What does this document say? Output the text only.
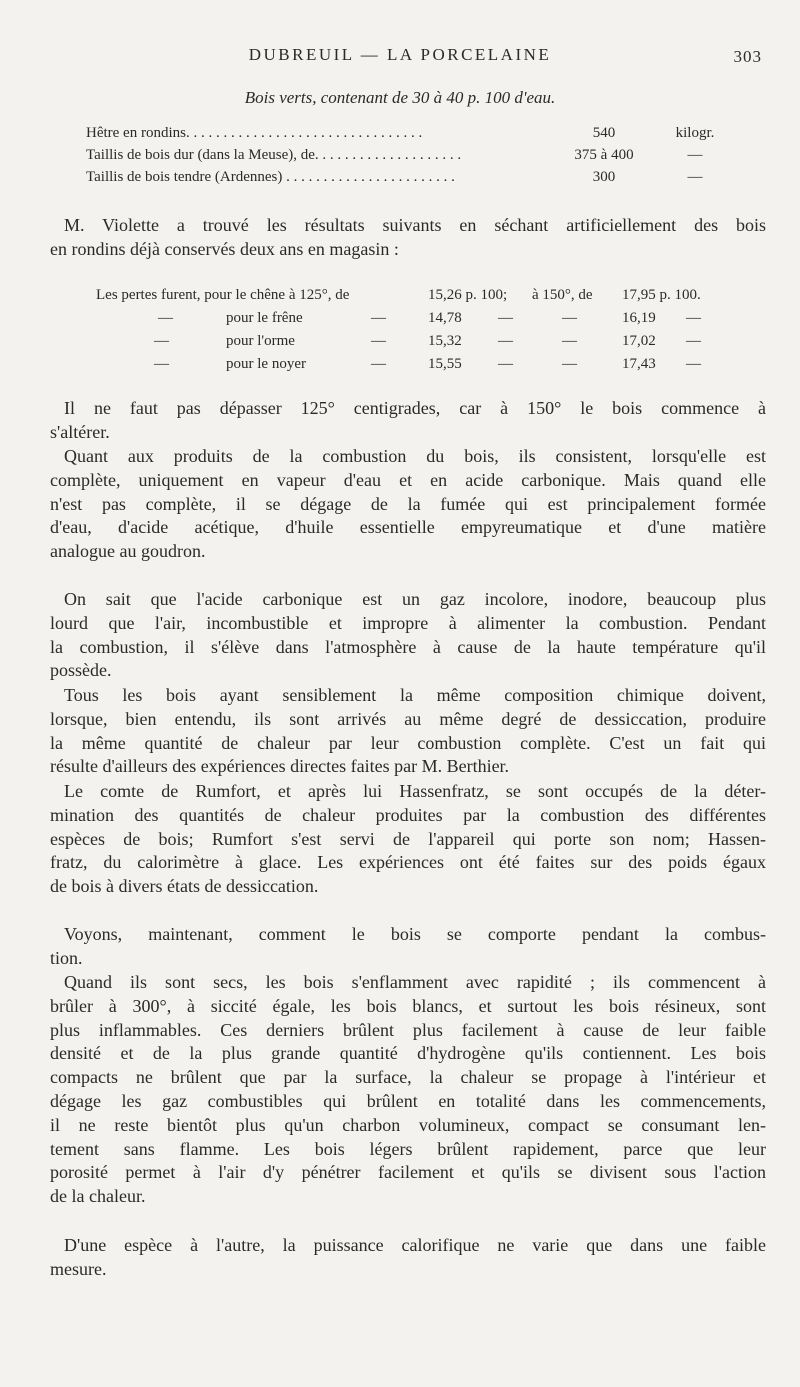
DUBREUIL — LA PORCELAINE	303
Bois verts, contenant de 30 à 40 p. 100 d'eau.
Hêtre en rondins. . . . . . . . . . . . . . . . . . . . . . . . . . . . . . . .	540	kilogr.
Taillis de bois dur (dans la Meuse), de. . . . . . . . . . . . . . . . . . . .	375 à 400	—
Taillis de bois tendre (Ardennes) . . . . . . . . . . . . . . . . . . . . . . .	300	—
M. Violette a trouvé les résultats suivants en séchant artificiellement des bois
en rondins déjà conservés deux ans en magasin :
Les pertes furent, pour le chêne à 125°, de	15,26 p. 100; à 150°, de 17,95 p. 100.
—	pour le frêne	—	14,78 —	—	16,19 —
—	pour l'orme	—	15,32 —	—	17,02 —
—	pour le noyer	—	15,55 —	—	17,43 —
Il ne faut pas dépasser 125° centigrades, car à 150° le bois commence à
s'altérer.
Quant aux produits de la combustion du bois, ils consistent, lorsqu'elle est
complète, uniquement en vapeur d'eau et en acide carbonique. Mais quand elle
n'est pas complète, il se dégage de la fumée qui est principalement formée
d'eau, d'acide acétique, d'huile essentielle empyreumatique et d'une matière
analogue au goudron.
On sait que l'acide carbonique est un gaz incolore, inodore, beaucoup plus
lourd que l'air, incombustible et impropre à alimenter la combustion. Pendant
la combustion, il s'élève dans l'atmosphère à cause de la haute température qu'il
possède.
Tous les bois ayant sensiblement la même composition chimique doivent,
lorsque, bien entendu, ils sont arrivés au même degré de dessiccation, produire
la même quantité de chaleur par leur combustion complète. C'est un fait qui
résulte d'ailleurs des expériences directes faites par M. Berthier.
Le comte de Rumfort, et après lui Hassenfratz, se sont occupés de la déter-
mination des quantités de chaleur produites par la combustion des différentes
espèces de bois; Rumfort s'est servi de l'appareil qui porte son nom; Hassen-
fratz, du calorimètre à glace. Les expériences ont été faites sur des poids égaux
de bois à divers états de dessiccation.
Voyons, maintenant, comment le bois se comporte pendant la combus-
tion.
Quand ils sont secs, les bois s'enflamment avec rapidité ; ils commencent à
brûler à 300°, à siccité égale, les bois blancs, et surtout les bois résineux, sont
plus inflammables. Ces derniers brûlent plus facilement à cause de leur faible
densité et de la plus grande quantité d'hydrogène qu'ils contiennent. Les bois
compacts ne brûlent que par la surface, la chaleur se propage à l'intérieur et
dégage les gaz combustibles qui brûlent en totalité dans les commencements,
il ne reste bientôt plus qu'un charbon volumineux, compact se consumant len-
tement sans flamme. Les bois légers brûlent rapidement, parce que leur
porosité permet à l'air d'y pénétrer facilement et qu'ils se divisent sous l'action
de la chaleur.
D'une espèce à l'autre, la puissance calorifique ne varie que dans une faible
mesure.
